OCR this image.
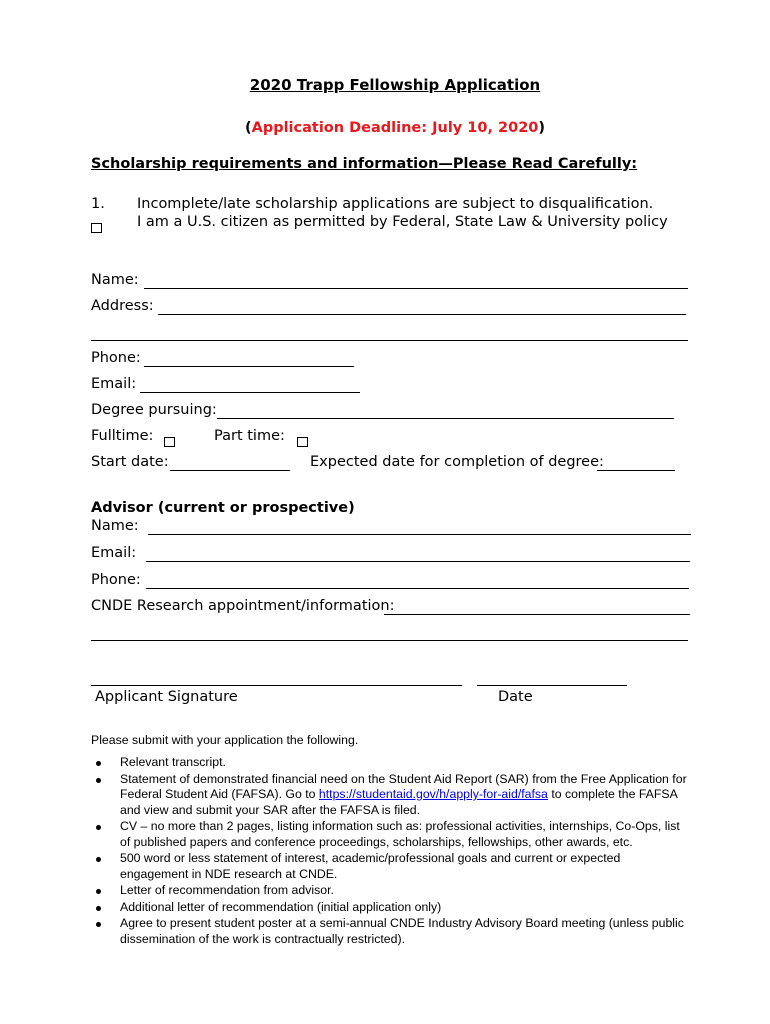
2020 Trapp Fellowship Application
(Application Deadline: July 10, 2020)
Scholarship requirements and information—Please Read Carefully:
1. Incomplete/late scholarship applications are subject to disqualification.
I am a U.S. citizen as permitted by Federal, State Law & University policy
Name:
Address:
Phone:
Email:
Degree pursuing:
Fulltime:	Part time:
Start date:	Expected date for completion of degree:
Advisor (current or prospective)
Name:
Email:
Phone:
CNDE Research appointment/information:
Applicant Signature	Date
Please submit with your application the following.
Relevant transcript.
Statement of demonstrated financial need on the Student Aid Report (SAR) from the Free Application for Federal Student Aid (FAFSA). Go to https://studentaid.gov/h/apply-for-aid/fafsa to complete the FAFSA and view and submit your SAR after the FAFSA is filed.
CV – no more than 2 pages, listing information such as: professional activities, internships, Co-Ops, list of published papers and conference proceedings, scholarships, fellowships, other awards, etc.
500 word or less statement of interest, academic/professional goals and current or expected engagement in NDE research at CNDE.
Letter of recommendation from advisor.
Additional letter of recommendation (initial application only)
Agree to present student poster at a semi-annual CNDE Industry Advisory Board meeting (unless public dissemination of the work is contractually restricted).
